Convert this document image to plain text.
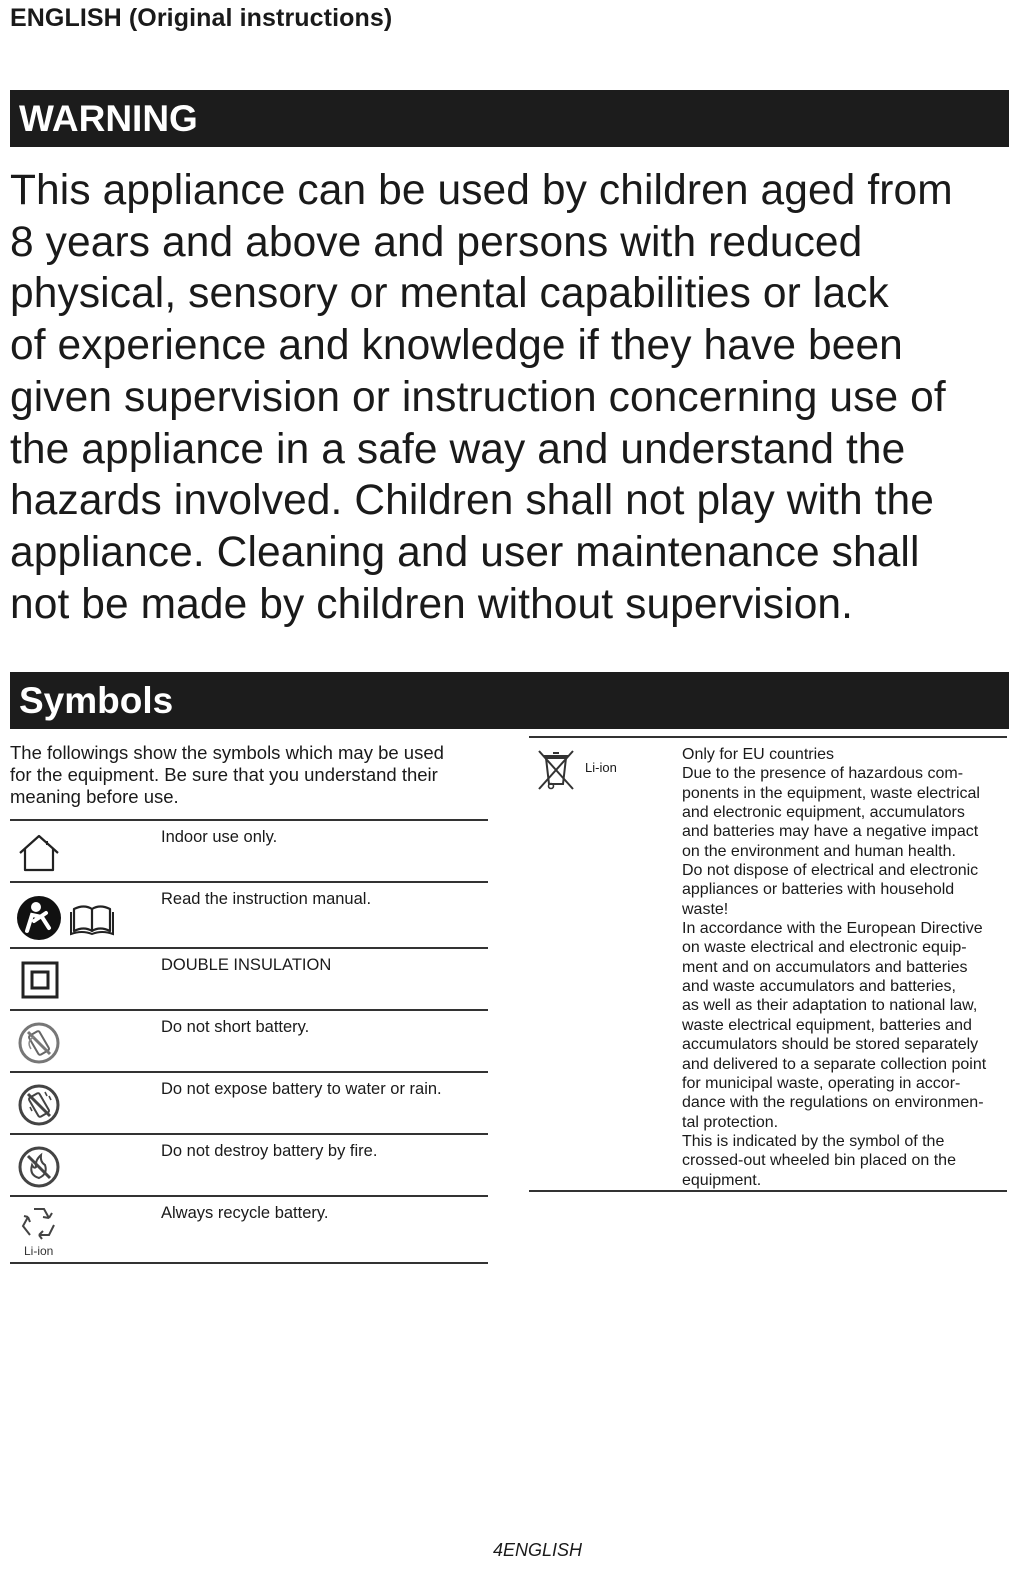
ENGLISH (Original instructions)
WARNING
This appliance can be used by children aged from
8 years and above and persons with reduced
physical, sensory or mental capabilities or lack
of experience and knowledge if they have been
given supervision or instruction concerning use of
the appliance in a safe way and understand the
hazards involved. Children shall not play with the
appliance. Cleaning and user maintenance shall
not be made by children without supervision.
Symbols
The followings show the symbols which may be used
for the equipment. Be sure that you understand their
meaning before use.
Indoor use only.
Read the instruction manual.
DOUBLE INSULATION
Do not short battery.
Do not expose battery to water or rain.
Do not destroy battery by fire.
Li-ion
Always recycle battery.
Li-ion
Only for EU countries
Due to the presence of hazardous com-
ponents in the equipment, waste electrical
and electronic equipment, accumulators
and batteries may have a negative impact
on the environment and human health.
Do not dispose of electrical and electronic
appliances or batteries with household
waste!
In accordance with the European Directive
on waste electrical and electronic equip-
ment and on accumulators and batteries
and waste accumulators and batteries,
as well as their adaptation to national law,
waste electrical equipment, batteries and
accumulators should be stored separately
and delivered to a separate collection point
for municipal waste, operating in accor-
dance with the regulations on environmen-
tal protection.
This is indicated by the symbol of the
crossed-out wheeled bin placed on the
equipment.
4ENGLISH
